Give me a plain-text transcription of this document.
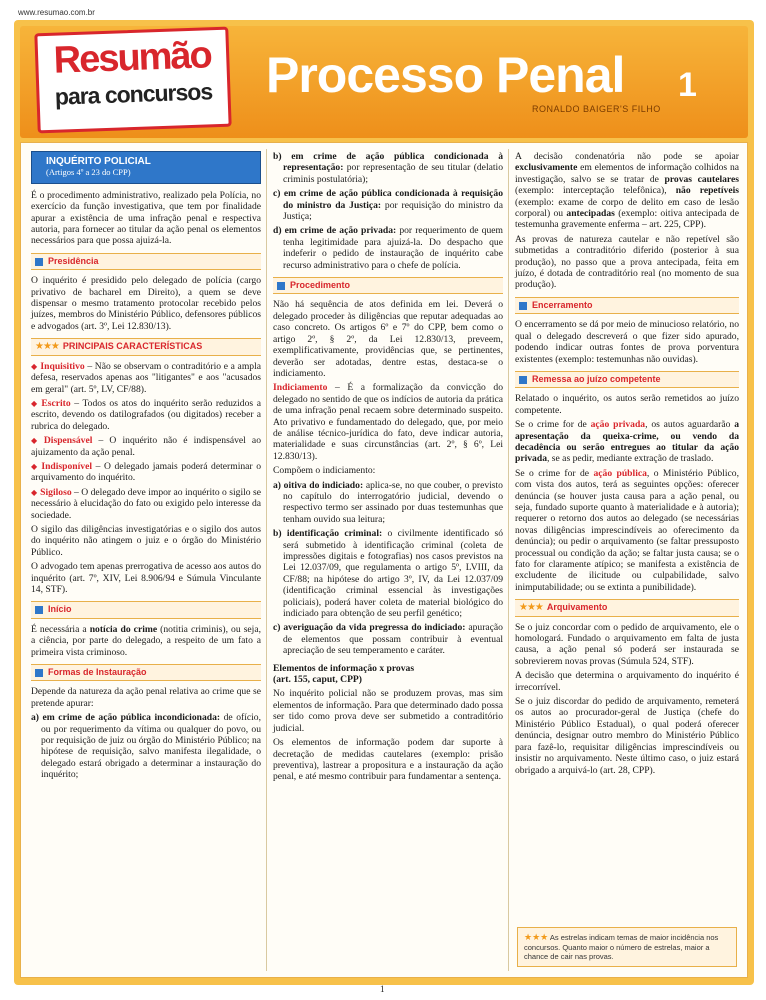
www.resumao.com.br
Resumão
para concursos Processo Penal 1
RONALDO BAIGER'S FILHO
INQUÉRITO POLICIAL
(Artigos 4º a 23 do CPP)

É o procedimento administrativo, realizado pela Polícia, no exercício da função investigativa, que tem por finalidade apurar a existência de uma infração penal e respectiva autoria, para fornecer ao titular da ação penal os elementos necessários para que possa ajuizá-la.

Presidência

O inquérito é presidido pelo delegado de polícia (cargo privativo de bacharel em Direito), a quem se deve dispensar o mesmo tratamento protocolar recebido pelos juízes, membros do Ministério Público, defensores públicos e advogados (art. 3º, Lei 12.830/13).

★★★ PRINCIPAIS CARACTERÍSTICAS

◆ Inquisitivo – Não se observam o contraditório e a ampla defesa, reservados apenas aos "litigantes" e aos "acusados em geral" (art. 5º, LV, CF/88).

◆ Escrito – Todos os atos do inquérito serão reduzidos a escrito, devendo os datilografados (ou digitados) receber a rubrica do delegado.

◆ Dispensável – O inquérito não é indispensável ao ajuizamento da ação penal.

◆ Indisponível – O delegado jamais poderá determinar o arquivamento do inquérito.

◆ Sigiloso – O delegado deve impor ao inquérito o sigilo se necessário à elucidação do fato ou exigido pelo interesse da sociedade.

O sigilo das diligências investigatórias e o sigilo dos autos do inquérito não atingem o juiz e o órgão do Ministério Público.

O advogado tem apenas prerrogativa de acesso aos autos do inquérito (art. 7º, XIV, Lei 8.906/94 e Súmula Vinculante 14, STF).

Início

É necessária a notícia do crime (notitia criminis), ou seja, a ciência, por parte do delegado, a respeito de um fato a primeira vista criminoso.

Formas de Instauração

Depende da natureza da ação penal relativa ao crime que se pretende apurar:

a) em crime de ação pública incondicionada: de ofício, ou por requerimento da vítima ou qualquer do povo, ou por requisição de juiz ou órgão do Ministério Público; na hipótese de requisição, salvo manifesta ilegalidade, o delegado estará obrigado a determinar a instauração do inquérito;

b) em crime de ação pública condicionada à representação: por representação de seu titular (delatio criminis postulatória);

c) em crime de ação pública condicionada à requisição do ministro da Justiça: por requisição do ministro da Justiça;

d) em crime de ação privada: por requerimento de quem tenha legitimidade para ajuizá-la. Do despacho que indeferir o pedido de instauração de inquérito cabe recurso administrativo para o chefe de polícia.

Procedimento

Não há sequência de atos definida em lei. Deverá o delegado proceder às diligências que reputar adequadas ao caso concreto. Os artigos 6º e 7º do CPP, bem como o artigo 2º, § 2º, da Lei 12.830/13, preveem, exemplificativamente, providências que, se pertinentes, deverão ser adotadas, dentre estas, destaca-se o indiciamento.

Indiciamento – É a formalização da convicção do delegado no sentido de que os indícios de autoria da prática de uma infração penal recaem sobre determinado suspeito. Ato privativo e fundamentado do delegado, que, por meio de análise técnico-jurídica do fato, deve indicar autoria, materialidade e suas circunstâncias (art. 2º, § 6º, Lei 12.830/13).

Compõem o indiciamento:

a) oitiva do indiciado: aplica-se, no que couber, o previsto no capítulo do interrogatório judicial, devendo o respectivo termo ser assinado por duas testemunhas que tenham ouvido sua leitura;

b) identificação criminal: o civilmente identificado só será submetido à identificação criminal (coleta de impressões digitais e fotografias) nos casos previstos na Lei 12.037/09, que regulamenta o artigo 5º, LVIII, da CF/88; na hipótese do artigo 3º, IV, da Lei 12.037/09 (identificação criminal essencial às investigações policiais), poderá haver coleta de material biológico do indiciado para obtenção de seu perfil genético;

c) averiguação da vida pregressa do indiciado: apuração de elementos que possam contribuir à eventual apreciação de seu temperamento e caráter.

Elementos de informação x provas

(art. 155, caput, CPP)

No inquérito policial não se produzem provas, mas sim elementos de informação. Para que determinado dado possa ser tido como prova deve ser submetido a contraditório judicial.

Os elementos de informação podem dar suporte à decretação de medidas cautelares (exemplo: prisão preventiva), lastrear a propositura e a instauração da ação penal, e até mesmo contribuir para fundamentar a sentença.

A decisão condenatória não pode se apoiar exclusivamente em elementos de informação colhidos na investigação, salvo se se tratar de provas cautelares (exemplo: interceptação telefônica), não repetíveis (exemplo: exame de corpo de delito em caso de lesão corporal) ou antecipadas (exemplo: oitiva antecipada de testemunha gravemente enferma – art. 225, CPP).

As provas de natureza cautelar e não repetível são submetidas a contraditório diferido (posterior à sua produção), no passo que a prova antecipada, feita em juízo, é dotada de contraditório real (no momento de sua produção).

Encerramento

O encerramento se dá por meio de minucioso relatório, no qual o delegado descreverá o que fizer sido apurado, podendo indicar outras fontes de prova porventura existentes (exemplo: testemunhas não ouvidas).

Remessa ao juízo competente

Relatado o inquérito, os autos serão remetidos ao juízo competente.

Se o crime for de ação privada, os autos aguardarão a apresentação da queixa-crime, ou vendo da decadência ou serão entregues ao titular da ação privada, se as pedir, mediante extração de traslado.

Se o crime for de ação pública, o Ministério Público, com vista dos autos, terá as seguintes opções: oferecer denúncia (se houver justa causa para a ação penal, ou seja, fundado suporte quanto à materialidade e à autoria); requerer o retorno dos autos ao delegado (se necessárias novas diligências imprescindíveis ao oferecimento da denúncia); ou pedir o arquivamento (se faltar pressuposto processual ou condição da ação; se faltar justa causa; se o fato for claramente atípico; se manifesta a existência de excludente de ilicitude ou culpabilidade, salvo inimputabilidade; ou se extinta a punibilidade).

★★★ Arquivamento

Se o juiz concordar com o pedido de arquivamento, ele o homologará. Fundado o arquivamento em falta de justa causa, a ação penal só poderá ser instaurada se sobrevierem novas provas (Súmula 524, STF).

A decisão que determina o arquivamento do inquérito é irrecorrível.

Se o juiz discordar do pedido de arquivamento, remeterá os autos ao procurador-geral de Justiça (chefe do Ministério Público Estadual), o qual poderá oferecer denúncia, designar outro membro do Ministério Público para fazê-lo, requisitar diligências imprescindíveis ou insistir no arquivamento. Neste último caso, o juiz estará obrigado a arquivá-lo (art. 28, CPP).

★★★ As estrelas indicam temas de maior incidência nos concursos. Quanto maior o número de estrelas, maior a chance de cair nas provas.
1
